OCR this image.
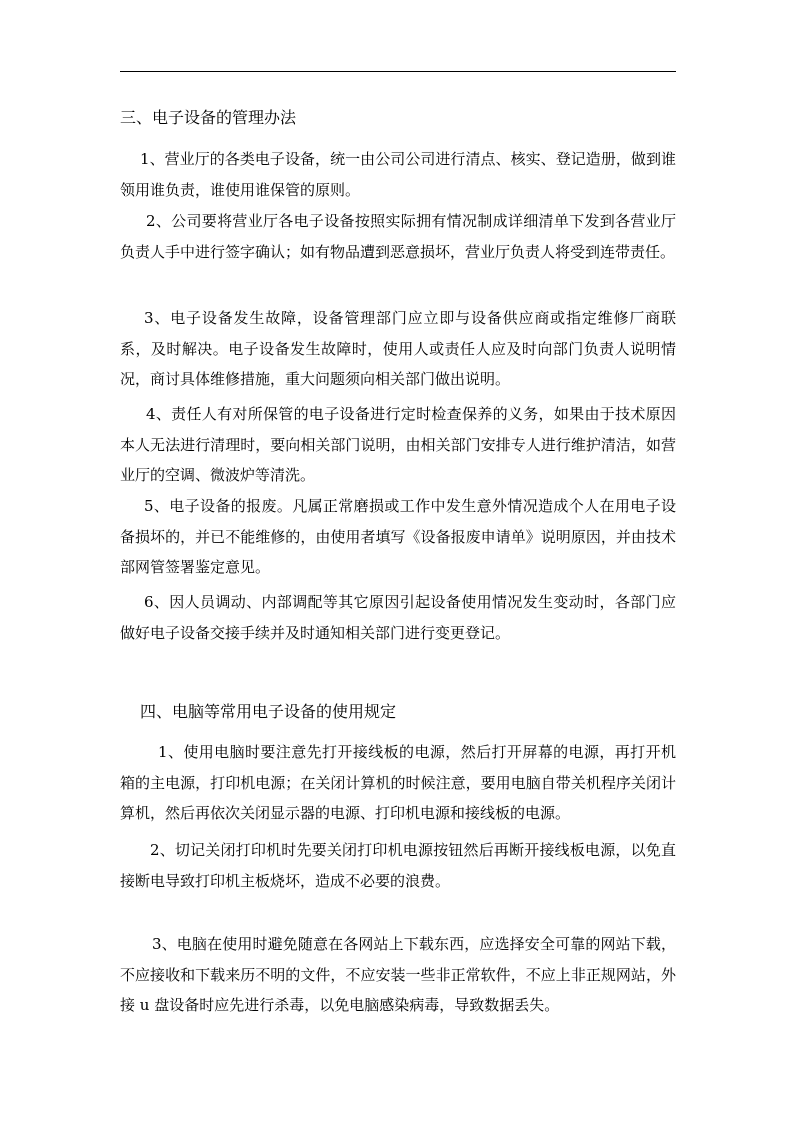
三、电子设备的管理办法

1、营业厅的各类电子设备，统一由公司公司进行清点、核实、登记造册，做到谁领用谁负责，谁使用谁保管的原则。

2、公司要将营业厅各电子设备按照实际拥有情况制成详细清单下发到各营业厅负责人手中进行签字确认；如有物品遭到恶意损坏，营业厅负责人将受到连带责任。

3、电子设备发生故障，设备管理部门应立即与设备供应商或指定维修厂商联系，及时解决。电子设备发生故障时，使用人或责任人应及时向部门负责人说明情况，商讨具体维修措施，重大问题须向相关部门做出说明。

4、责任人有对所保管的电子设备进行定时检查保养的义务，如果由于技术原因本人无法进行清理时，要向相关部门说明，由相关部门安排专人进行维护清洁，如营业厅的空调、微波炉等清洗。

5、电子设备的报废。凡属正常磨损或工作中发生意外情况造成个人在用电子设备损坏的，并已不能维修的，由使用者填写《设备报废申请单》说明原因，并由技术部网管签署鉴定意见。

6、因人员调动、内部调配等其它原因引起设备使用情况发生变动时，各部门应做好电子设备交接手续并及时通知相关部门进行变更登记。

四、电脑等常用电子设备的使用规定

1、使用电脑时要注意先打开接线板的电源，然后打开屏幕的电源，再打开机箱的主电源，打印机电源；在关闭计算机的时候注意，要用电脑自带关机程序关闭计算机，然后再依次关闭显示器的电源、打印机电源和接线板的电源。

2、切记关闭打印机时先要关闭打印机电源按钮然后再断开接线板电源，以免直接断电导致打印机主板烧坏，造成不必要的浪费。

3、电脑在使用时避免随意在各网站上下载东西，应选择安全可靠的网站下载，不应接收和下载来历不明的文件，不应安装一些非正常软件，不应上非正规网站，外接 u 盘设备时应先进行杀毒，以免电脑感染病毒，导致数据丢失。
